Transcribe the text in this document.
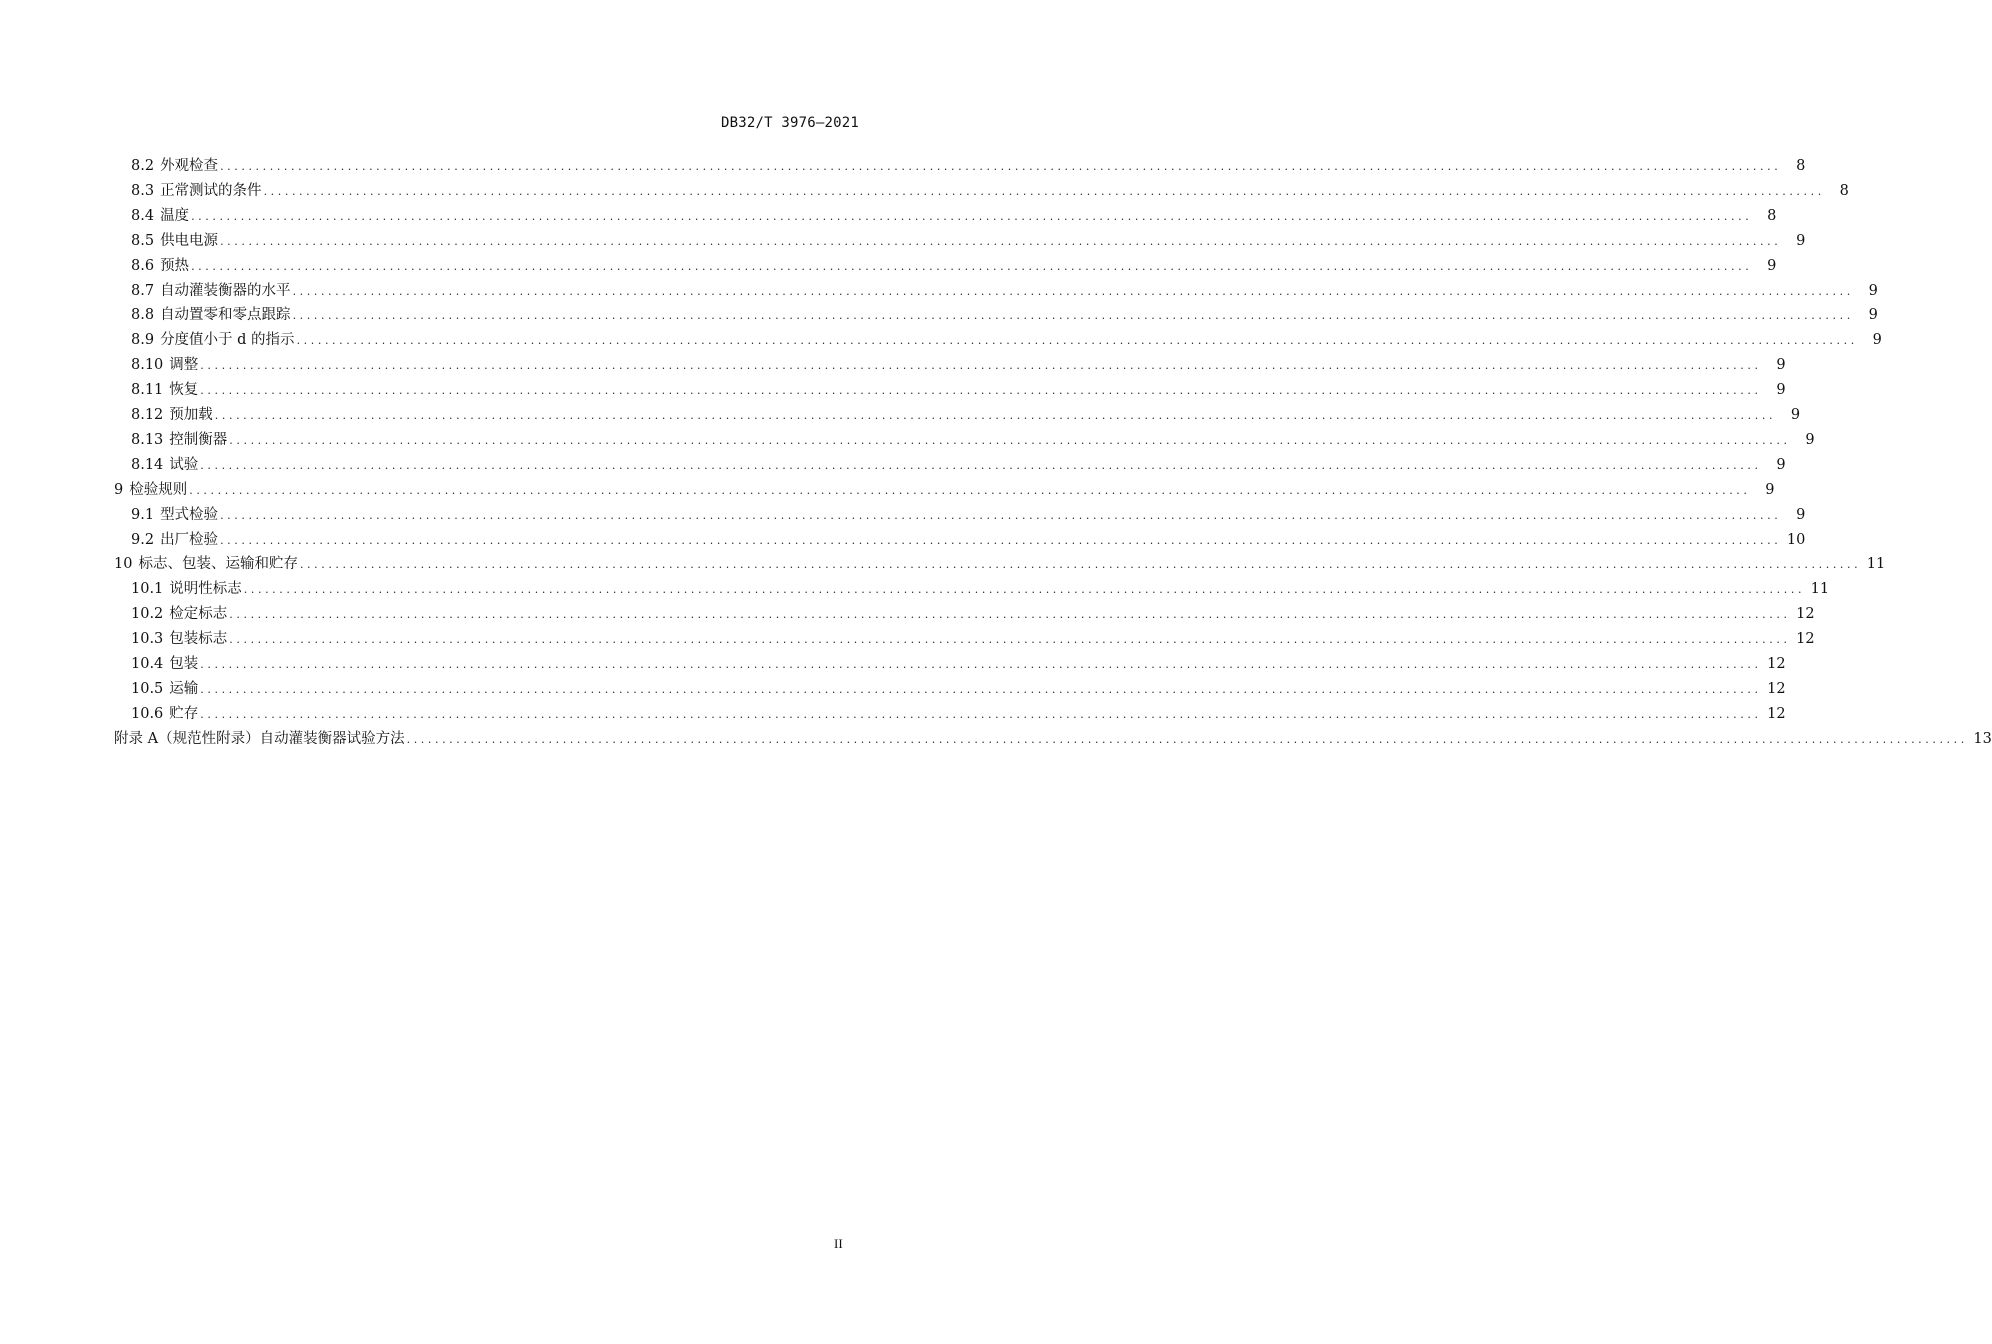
DB32/T 3976—2021
8.2 外观检查 ............................................................................................................................................................................................................................	8
8.3 正常测试的条件 ............................................................................................................................................................................................................................	8
8.4 温度 ............................................................................................................................................................................................................................	8
8.5 供电电源 ............................................................................................................................................................................................................................	9
8.6 预热 ............................................................................................................................................................................................................................	9
8.7 自动灌装衡器的水平 ............................................................................................................................................................................................................................	9
8.8 自动置零和零点跟踪 ............................................................................................................................................................................................................................	9
8.9 分度值小于 d 的指示 ............................................................................................................................................................................................................................	9
8.10 调整 ............................................................................................................................................................................................................................	9
8.11 恢复 ............................................................................................................................................................................................................................	9
8.12 预加载 ............................................................................................................................................................................................................................	9
8.13 控制衡器 ............................................................................................................................................................................................................................	9
8.14 试验 ............................................................................................................................................................................................................................	9
9 检验规则 ............................................................................................................................................................................................................................	9
9.1 型式检验 ............................................................................................................................................................................................................................	9
9.2 出厂检验 ............................................................................................................................................................................................................................ 10
10 标志、包装、运输和贮存 ............................................................................................................................................................................................................................ 11
10.1 说明性标志 ............................................................................................................................................................................................................................ 11
10.2 检定标志 ............................................................................................................................................................................................................................ 12
10.3 包装标志 ............................................................................................................................................................................................................................ 12
10.4 包装 ............................................................................................................................................................................................................................ 12
10.5 运输 ............................................................................................................................................................................................................................ 12
10.6 贮存 ............................................................................................................................................................................................................................ 12
附录 A（规范性附录）自动灌装衡器试验方法 ............................................................................................................................................................................................................................ 13
II
